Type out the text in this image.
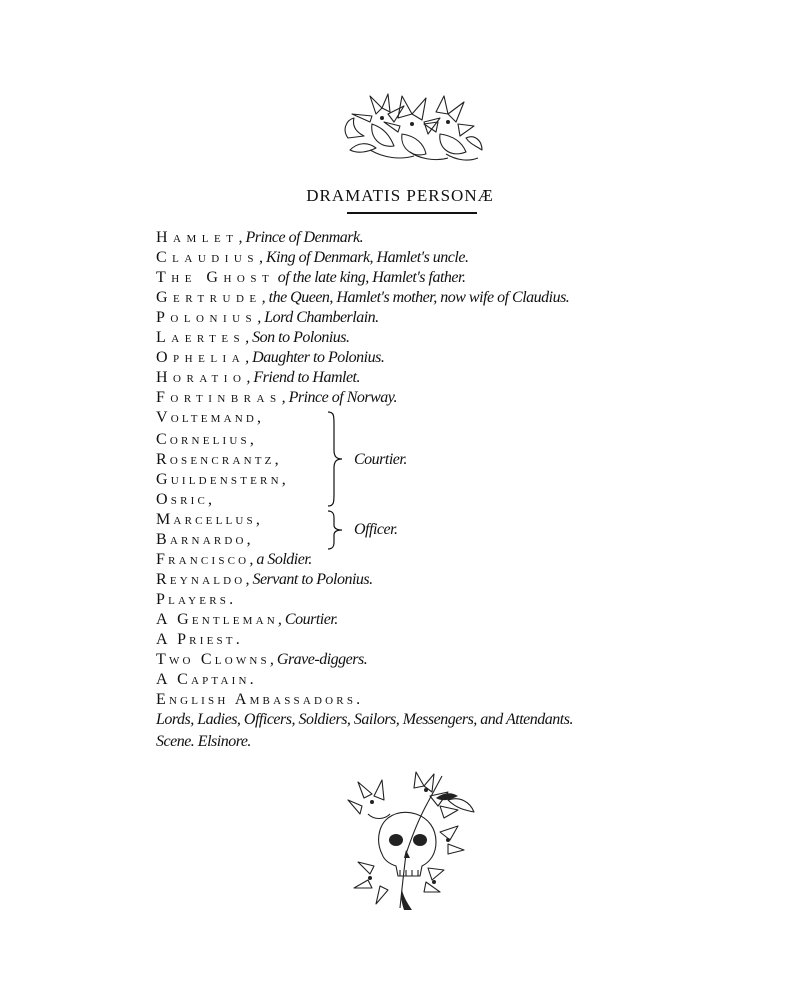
DRAMATIS PERSONÆ
Hamlet, Prince of Denmark.
Claudius, King of Denmark, Hamlet's uncle.
The Ghost of the late king, Hamlet's father.
Gertrude, the Queen, Hamlet's mother, now wife of Claudius.
Polonius, Lord Chamberlain.
Laertes, Son to Polonius.
Ophelia, Daughter to Polonius.
Horatio, Friend to Hamlet.
Fortinbras, Prince of Norway.
Voltemand,
Cornelius,
Rosencrantz,
Guildenstern,
Osric,
Marcellus,
Barnardo,
Francisco, a Soldier.
Reynaldo, Servant to Polonius.
Players.
A Gentleman, Courtier.
A Priest.
Two Clowns, Grave-diggers.
A Captain.
English Ambassadors.
Lords, Ladies, Officers, Soldiers, Sailors, Messengers, and Attendants.
Scene. Elsinore.
Courtier.
Officer.
